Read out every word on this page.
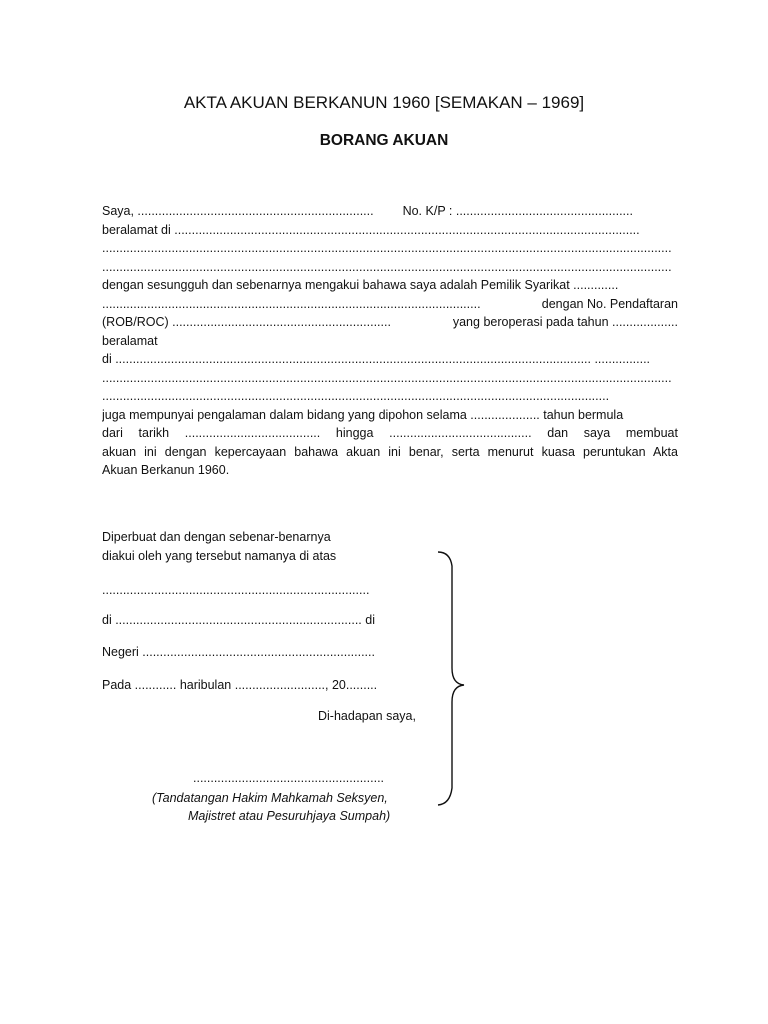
AKTA AKUAN BERKANUN 1960 [SEMAKAN – 1969]
BORANG AKUAN
Saya, .................................................................... No. K/P : ...................................................
beralamat di ......................................................................................................................................
....................................................................................................................................................................
....................................................................................................................................................................
dengan sesungguh dan sebenarnya mengakui bahawa saya adalah Pemilik Syarikat .............
.............................................................................................................	dengan No. Pendaftaran
(ROB/ROC) ...............................................................	yang beroperasi pada tahun ...................
beralamat
di ......................................................................................................................................... ................
....................................................................................................................................................................
..................................................................................................................................................
juga mempunyai pengalaman dalam bidang yang dipohon selama .................... tahun bermula
dari tarikh ....................................... hingga ......................................... dan saya membuat
akuan ini dengan kepercayaan bahawa akuan ini benar, serta menurut kuasa peruntukan Akta
Akuan Berkanun 1960.
Diperbuat dan dengan sebenar-benarnya
diakui oleh yang tersebut namanya di atas
.............................................................................
di ....................................................................... di
Negeri ...................................................................
Pada ............ haribulan .........................., 20.........
Di-hadapan saya,
.......................................................
(Tandatangan Hakim Mahkamah Seksyen,
Majistret atau Pesuruhjaya Sumpah)
